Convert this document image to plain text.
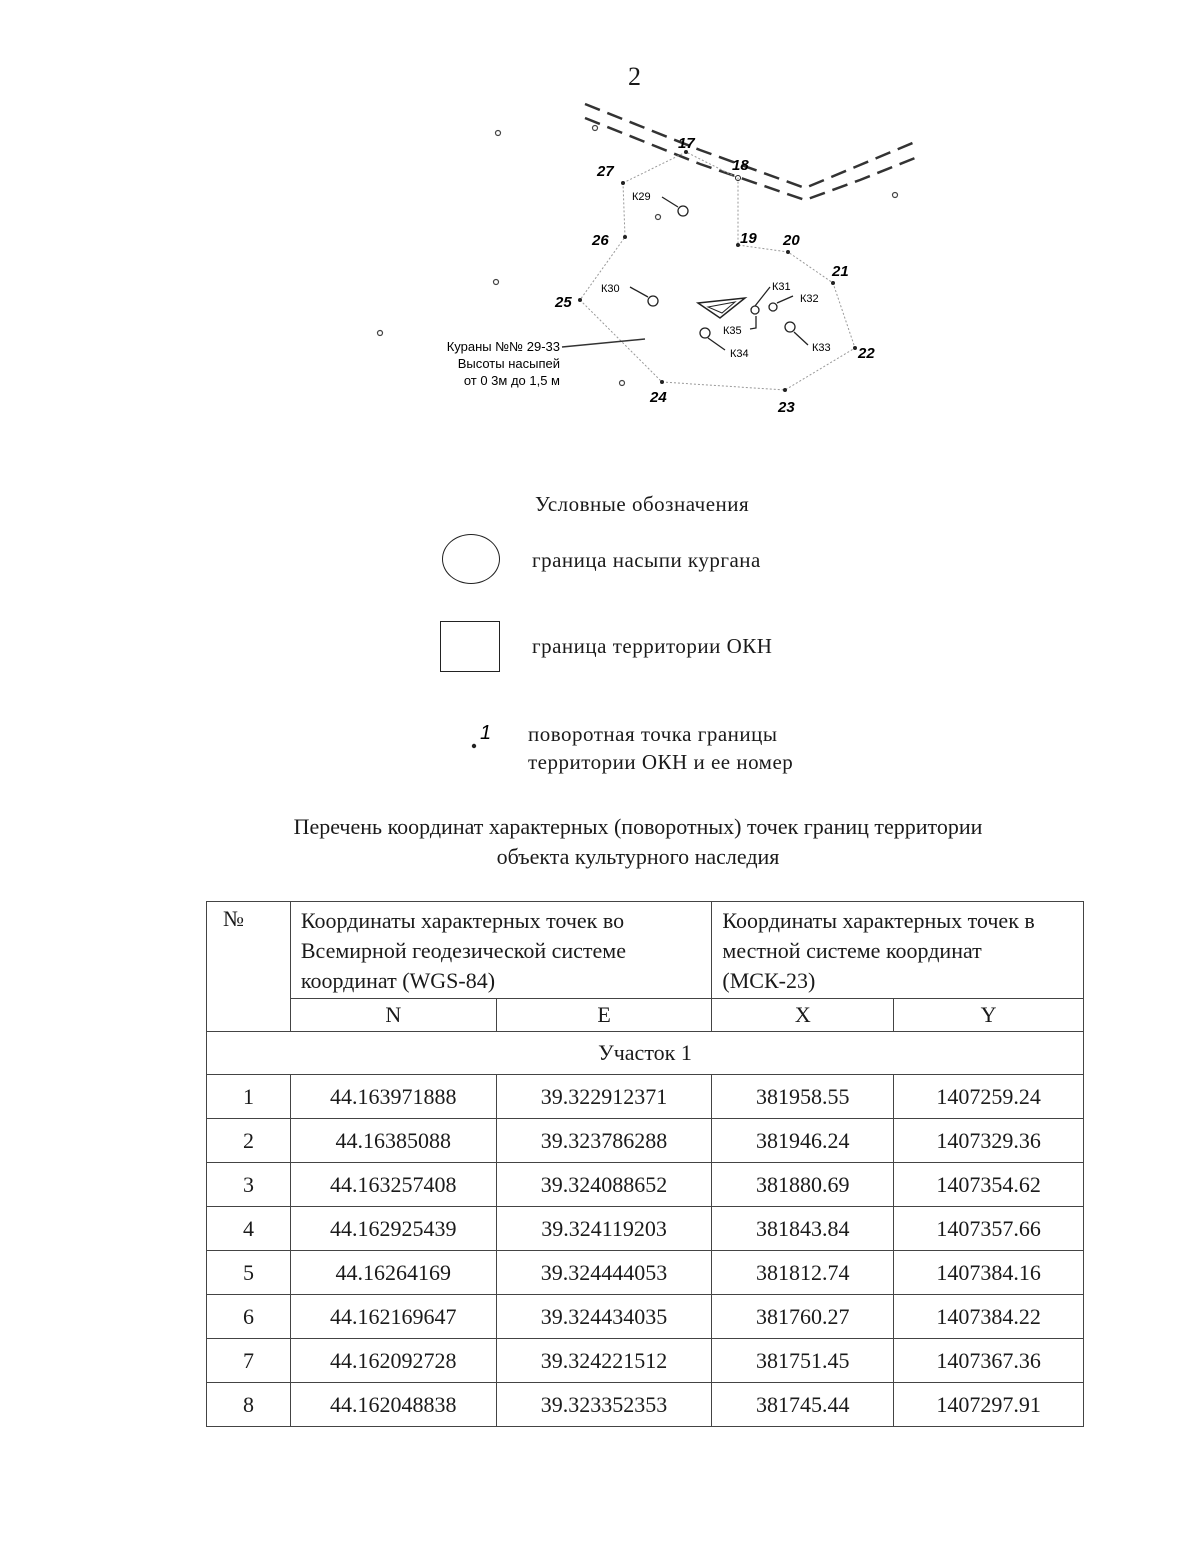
2
17
18
19 20
21
22
23
24
25
26
27
К29
К30	К31
К32
К33
К34
К35
Кураны №№ 29-33
Высоты насыпей
от 0 3м до 1,5 м
Условные обозначения
граница насыпи кургана
граница территории ОКН
1 поворотная точка границы
территории ОКН и ее номер
Перечень координат характерных (поворотных) точек границ территории
объекта культурного наследия
№	Координаты характерных точек во Всемирной геодезической системе координат (WGS-84)		Координаты характерных точек в местной системе координат (МСК-23)	
	N	E	X	Y
Участок 1				
1	44.163971888	39.322912371	381958.55	1407259.24
2	44.16385088	39.323786288	381946.24	1407329.36
3	44.163257408	39.324088652	381880.69	1407354.62
4	44.162925439	39.324119203	381843.84	1407357.66
5	44.16264169	39.324444053	381812.74	1407384.16
6	44.162169647	39.324434035	381760.27	1407384.22
7	44.162092728	39.324221512	381751.45	1407367.36
8	44.162048838	39.323352353	381745.44	1407297.91
